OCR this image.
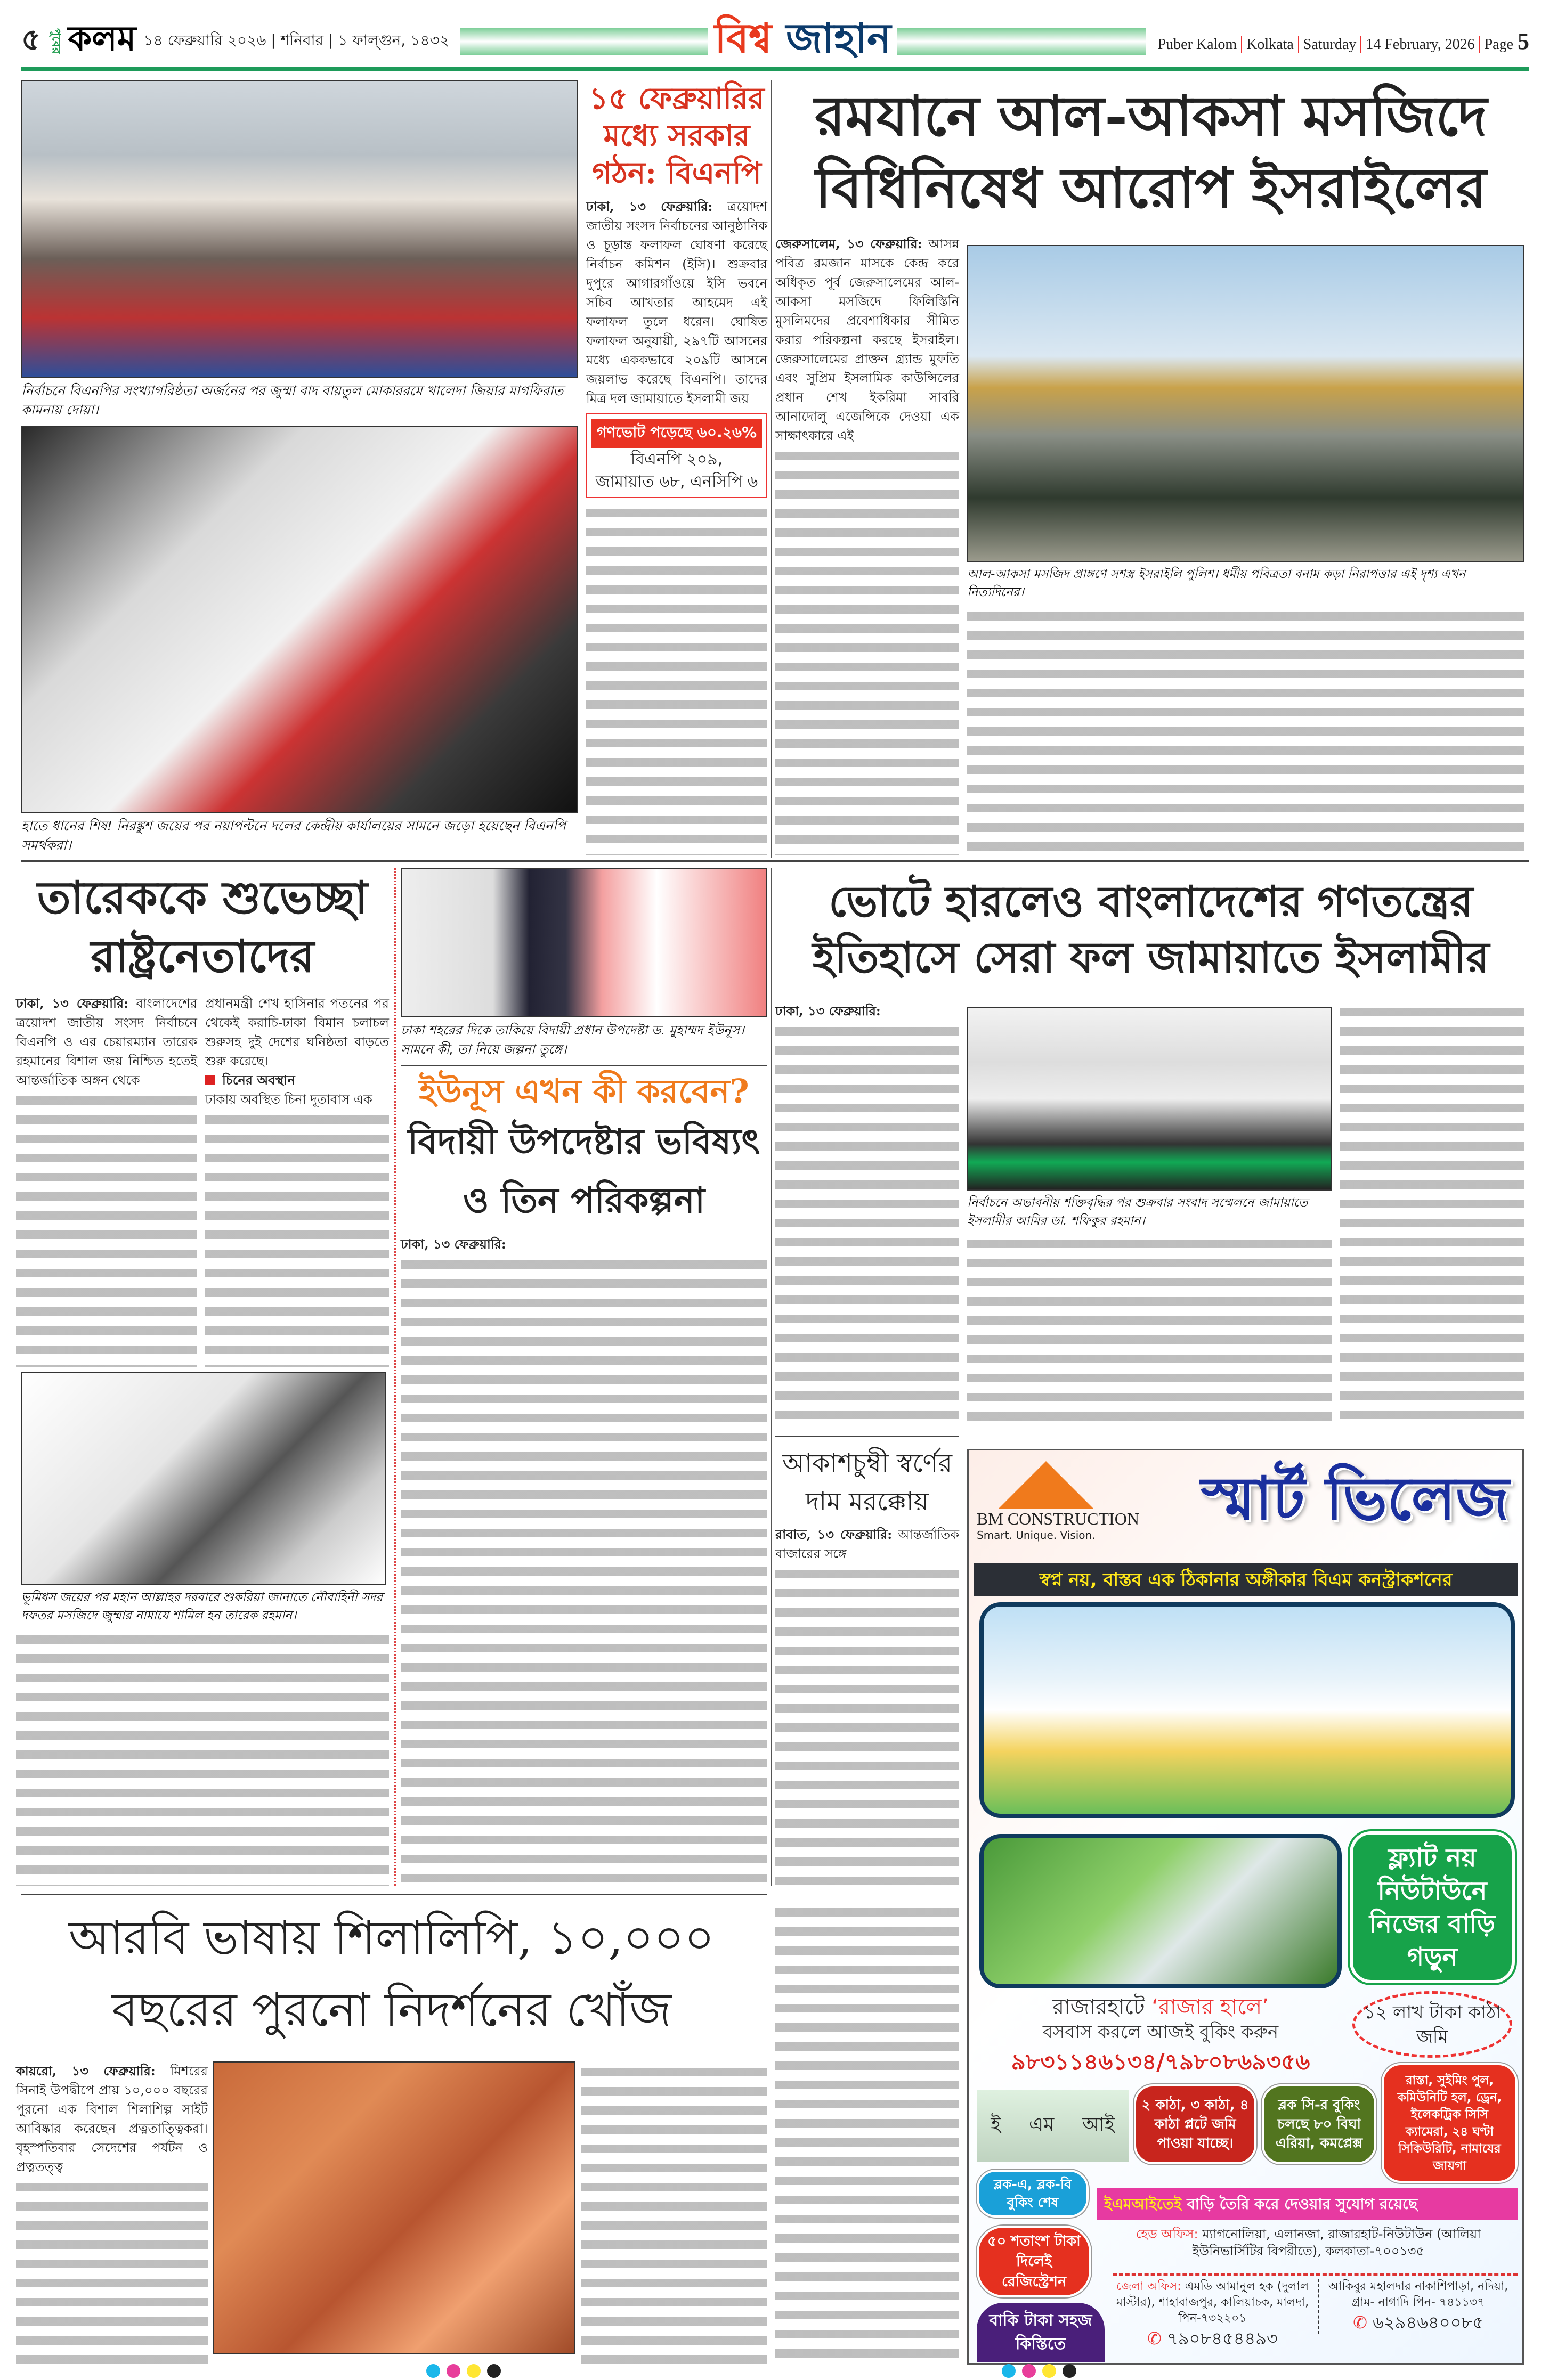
৫ পুবের কলম ১৪ ফেব্রুয়ারি ২০২৬ | শনিবার | ১ ফাল্গুন, ১৪৩২	বিশ্ব জাহান	Puber Kalom Kolkata Saturday 14 February, 2026 Page 5
নির্বাচনে বিএনপির সংখ্যাগরিষ্ঠতা অর্জনের পর জুম্মা বাদ বায়তুল মোকাররমে খালেদা জিয়ার মাগফিরাত কামনায় দোয়া।
হাতে ধানের শিষ! নিরঙ্কুশ জয়ের পর নয়াপল্টনে দলের কেন্দ্রীয় কার্যালয়ের সামনে জড়ো হয়েছেন বিএনপি সমর্থকরা।
১৫ ফেব্রুয়ারির মধ্যে সরকার গঠন: বিএনপি
ঢাকা, ১৩ ফেব্রুয়ারি: ত্রয়োদশ জাতীয় সংসদ নির্বাচনের আনুষ্ঠানিক ও চূড়ান্ত ফলাফল ঘোষণা করেছে নির্বাচন কমিশন (ইসি)। শুক্রবার দুপুরে আগারগাঁওয়ে ইসি ভবনে সচিব আখতার আহমেদ এই ফলাফল তুলে ধরেন। ঘোষিত ফলাফল অনুযায়ী, ২৯৭টি আসনের মধ্যে এককভাবে ২০৯টি আসনে জয়লাভ করেছে বিএনপি। তাদের মিত্র দল জামায়াতে ইসলামী জয়
গণভোট পড়েছে ৬০.২৬%
বিএনপি ২০৯,
জামায়াত ৬৮, এনসিপি ৬
রমযানে আল-আকসা মসজিদে
বিধিনিষেধ আরোপ ইসরাইলের
জেরুসালেম, ১৩ ফেব্রুয়ারি: আসন্ন পবিত্র রমজান মাসকে কেন্দ্র করে অধিকৃত পূর্ব জেরুসালেমের আল-আকসা মসজিদে ফিলিস্তিনি মুসলিমদের প্রবেশাধিকার সীমিত করার পরিকল্পনা করছে ইসরাইল। জেরুসালেমের প্রাক্তন গ্র্যান্ড মুফতি এবং সুপ্রিম ইসলামিক কাউন্সিলের প্রধান শেখ ইকরিমা সাবরি আনাদোলু এজেন্সিকে দেওয়া এক সাক্ষাৎকারে এই
আল-আকসা মসজিদ প্রাঙ্গণে সশস্ত্র ইসরাইলি পুলিশ। ধর্মীয় পবিত্রতা বনাম কড়া নিরাপত্তার এই দৃশ্য এখন নিত্যদিনের।
তারেককে শুভেচ্ছা রাষ্ট্রনেতাদের
ঢাকা, ১৩ ফেব্রুয়ারি: বাংলাদেশের ত্রয়োদশ জাতীয় সংসদ নির্বাচনে বিএনপি ও এর চেয়ারম্যান তারেক রহমানের বিশাল জয় নিশ্চিত হতেই আন্তর্জাতিক অঙ্গন থেকে
প্রধানমন্ত্রী শেখ হাসিনার পতনের পর থেকেই করাচি-ঢাকা বিমান চলাচল শুরুসহ দুই দেশের ঘনিষ্ঠতা বাড়তে শুরু করেছে।
চিনের অবস্থান
ঢাকায় অবস্থিত চিনা দূতাবাস এক
ভূমিধস জয়ের পর মহান আল্লাহর দরবারে শুকরিয়া জানাতে নৌবাহিনী সদর দফতর মসজিদে জুম্মার নামাযে শামিল হন তারেক রহমান।
ঢাকা শহরের দিকে তাকিয়ে বিদায়ী প্রধান উপদেষ্টা ড. মুহাম্মদ ইউনূস। সামনে কী, তা নিয়ে জল্পনা তুঙ্গে।
ইউনূস এখন কী করবেন?
বিদায়ী উপদেষ্টার ভবিষ্যৎ
ও তিন পরিকল্পনা
ঢাকা, ১৩ ফেব্রুয়ারি:
ভোটে হারলেও বাংলাদেশের গণতন্ত্রের
ইতিহাসে সেরা ফল জামায়াতে ইসলামীর
ঢাকা, ১৩ ফেব্রুয়ারি:
নির্বাচনে অভাবনীয় শক্তিবৃদ্ধির পর শুক্রবার সংবাদ সম্মেলনে জামায়াতে ইসলামীর আমির ডা. শফিকুর রহমান।
আকাশচুম্বী স্বর্ণের দাম মরক্কোয়
রাবাত, ১৩ ফেব্রুয়ারি: আন্তর্জাতিক বাজারের সঙ্গে
BM CONSTRUCTION
Smart. Unique. Vision.
স্মার্ট ভিলেজ
স্বপ্ন নয়, বাস্তব এক ঠিকানার অঙ্গীকার বিএম কনস্ট্রাকশনের
ফ্ল্যাট নয় নিউটাউনে নিজের বাড়ি গড়ুন
রাজারহাটে ‘রাজার হালে’
বসবাস করলে আজই বুকিং করুন
৯৮৩১১৪৬১৩৪/৭৯৮০৮৬৯৩৫৬
১২ লাখ টাকা কাঠা জমি
ই এম আই
২ কাঠা, ৩ কাঠা, ৪ কাঠা প্লটে জমি পাওয়া যাচ্ছে।
ব্লক সি-র বুকিং চলছে ৮০ বিঘা এরিয়া, কমপ্লেক্স
রাস্তা, সুইমিং পুল, কমিউনিটি হল, ড্রেন, ইলেকট্রিক সিসি ক্যামেরা, ২৪ ঘণ্টা সিকিউরিটি, নামাযের জায়গা
ব্লক-এ, ব্লক-বি বুকিং শেষ	ইএমআইতেই বাড়ি তৈরি করে দেওয়ার সুযোগ রয়েছে
৫০ শতাংশ টাকা দিলেই রেজিস্ট্রেশন
বাকি টাকা সহজ কিস্তিতে
হেড অফিস: ম্যাগনোলিয়া, এলানজা, রাজারহাট-নিউটাউন (আলিয়া ইউনিভার্সিটির বিপরীতে), কলকাতা-৭০০১৩৫
জেলা অফিস: এমডি আমানুল হক (দুলাল মাস্টার), শাহাবাজপুর, কালিয়াচক, মালদা, পিন-৭৩২২০১
✆ ৭৯০৮৪৫৪৪৯৩
আকিবুর মহালদার নাকাশিপাড়া, নদিয়া, গ্রাম- নাগাদি পিন- ৭৪১১৩৭
✆ ৬২৯৪৬৪০০৮৫
আরবি ভাষায় শিলালিপি, ১০,০০০
বছরের পুরনো নিদর্শনের খোঁজ
কায়রো, ১৩ ফেব্রুয়ারি: মিশরের সিনাই উপদ্বীপে প্রায় ১০,০০০ বছরের পুরনো এক বিশাল শিলাশিল্প সাইট আবিষ্কার করেছেন প্রত্নতাত্ত্বিকরা। বৃহস্পতিবার সেদেশের পর্যটন ও প্রত্নতত্ত্ব
